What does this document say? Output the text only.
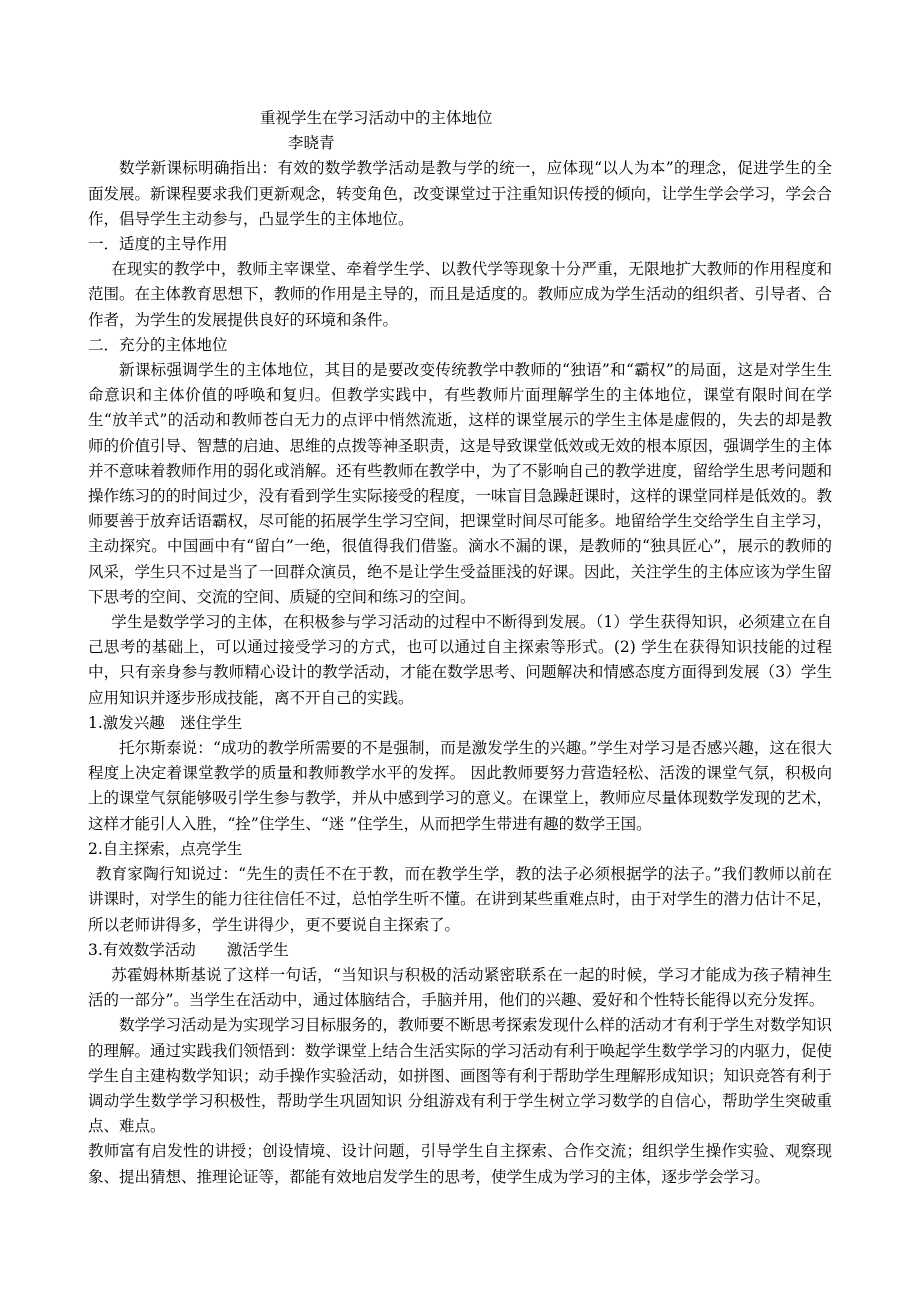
重视学生在学习活动中的主体地位
李晓青

数学新课标明确指出：有效的数学教学活动是教与学的统一，应体现“以人为本”的理念，促进学生的全面发展。新课程要求我们更新观念，转变角色，改变课堂过于注重知识传授的倾向，让学生学会学习，学会合作，倡导学生主动参与，凸显学生的主体地位。

一．适度的主导作用

在现实的教学中，教师主宰课堂、牵着学生学、以教代学等现象十分严重，无限地扩大教师的作用程度和范围。在主体教育思想下，教师的作用是主导的，而且是适度的。教师应成为学生活动的组织者、引导者、合作者，为学生的发展提供良好的环境和条件。

二．充分的主体地位

新课标强调学生的主体地位，其目的是要改变传统教学中教师的“独语”和“霸权”的局面，这是对学生生命意识和主体价值的呼唤和复归。但教学实践中，有些教师片面理解学生的主体地位，课堂有限时间在学生“放羊式”的活动和教师苍白无力的点评中悄然流逝，这样的课堂展示的学生主体是虚假的，失去的却是教师的价值引导、智慧的启迪、思维的点拨等神圣职责，这是导致课堂低效或无效的根本原因，强调学生的主体并不意味着教师作用的弱化或消解。还有些教师在教学中，为了不影响自己的教学进度，留给学生思考问题和操作练习的的时间过少，没有看到学生实际接受的程度，一味盲目急躁赶课时，这样的课堂同样是低效的。教师要善于放弃话语霸权，尽可能的拓展学生学习空间，把课堂时间尽可能多。地留给学生交给学生自主学习，主动探究。中国画中有“留白”一绝，很值得我们借鉴。滴水不漏的课，是教师的“独具匠心”，展示的教师的风采，学生只不过是当了一回群众演员，绝不是让学生受益匪浅的好课。因此，关注学生的主体应该为学生留下思考的空间、交流的空间、质疑的空间和练习的空间。

学生是数学学习的主体，在积极参与学习活动的过程中不断得到发展。（1）学生获得知识，必须建立在自己思考的基础上，可以通过接受学习的方式，也可以通过自主探索等形式。(2) 学生在获得知识技能的过程中，只有亲身参与教师精心设计的教学活动，才能在数学思考、问题解决和情感态度方面得到发展（3）学生应用知识并逐步形成技能，离不开自己的实践。

1.激发兴趣　迷住学生

托尔斯泰说：“成功的教学所需要的不是强制，而是激发学生的兴趣。”学生对学习是否感兴趣，这在很大程度上决定着课堂教学的质量和教师教学水平的发挥。 因此教师要努力营造轻松、活泼的课堂气氛，积极向上的课堂气氛能够吸引学生参与教学，并从中感到学习的意义。在课堂上，教师应尽量体现数学发现的艺术，这样才能引人入胜，“拴”住学生、“迷 ”住学生，从而把学生带进有趣的数学王国。

2.自主探索，点亮学生

教育家陶行知说过：“先生的责任不在于教，而在教学生学，教的法子必须根据学的法子。”我们教师以前在讲课时，对学生的能力往往信任不过，总怕学生听不懂。在讲到某些重难点时，由于对学生的潜力估计不足，所以老师讲得多，学生讲得少，更不要说自主探索了。

3.有效数学活动　　激活学生

苏霍姆林斯基说了这样一句话，“当知识与积极的活动紧密联系在一起的时候，学习才能成为孩子精神生活的一部分”。当学生在活动中，通过体脑结合，手脑并用，他们的兴趣、爱好和个性特长能得以充分发挥。

数学学习活动是为实现学习目标服务的，教师要不断思考探索发现什么样的活动才有利于学生对数学知识的理解。通过实践我们领悟到：数学课堂上结合生活实际的学习活动有利于唤起学生数学学习的内驱力，促使学生自主建构数学知识；动手操作实验活动，如拼图、画图等有利于帮助学生理解形成知识；知识竞答有利于调动学生数学学习积极性，帮助学生巩固知识 分组游戏有利于学生树立学习数学的自信心，帮助学生突破重点、难点。

教师富有启发性的讲授；创设情境、设计问题，引导学生自主探索、合作交流；组织学生操作实验、观察现象、提出猜想、推理论证等，都能有效地启发学生的思考，使学生成为学习的主体，逐步学会学习。
